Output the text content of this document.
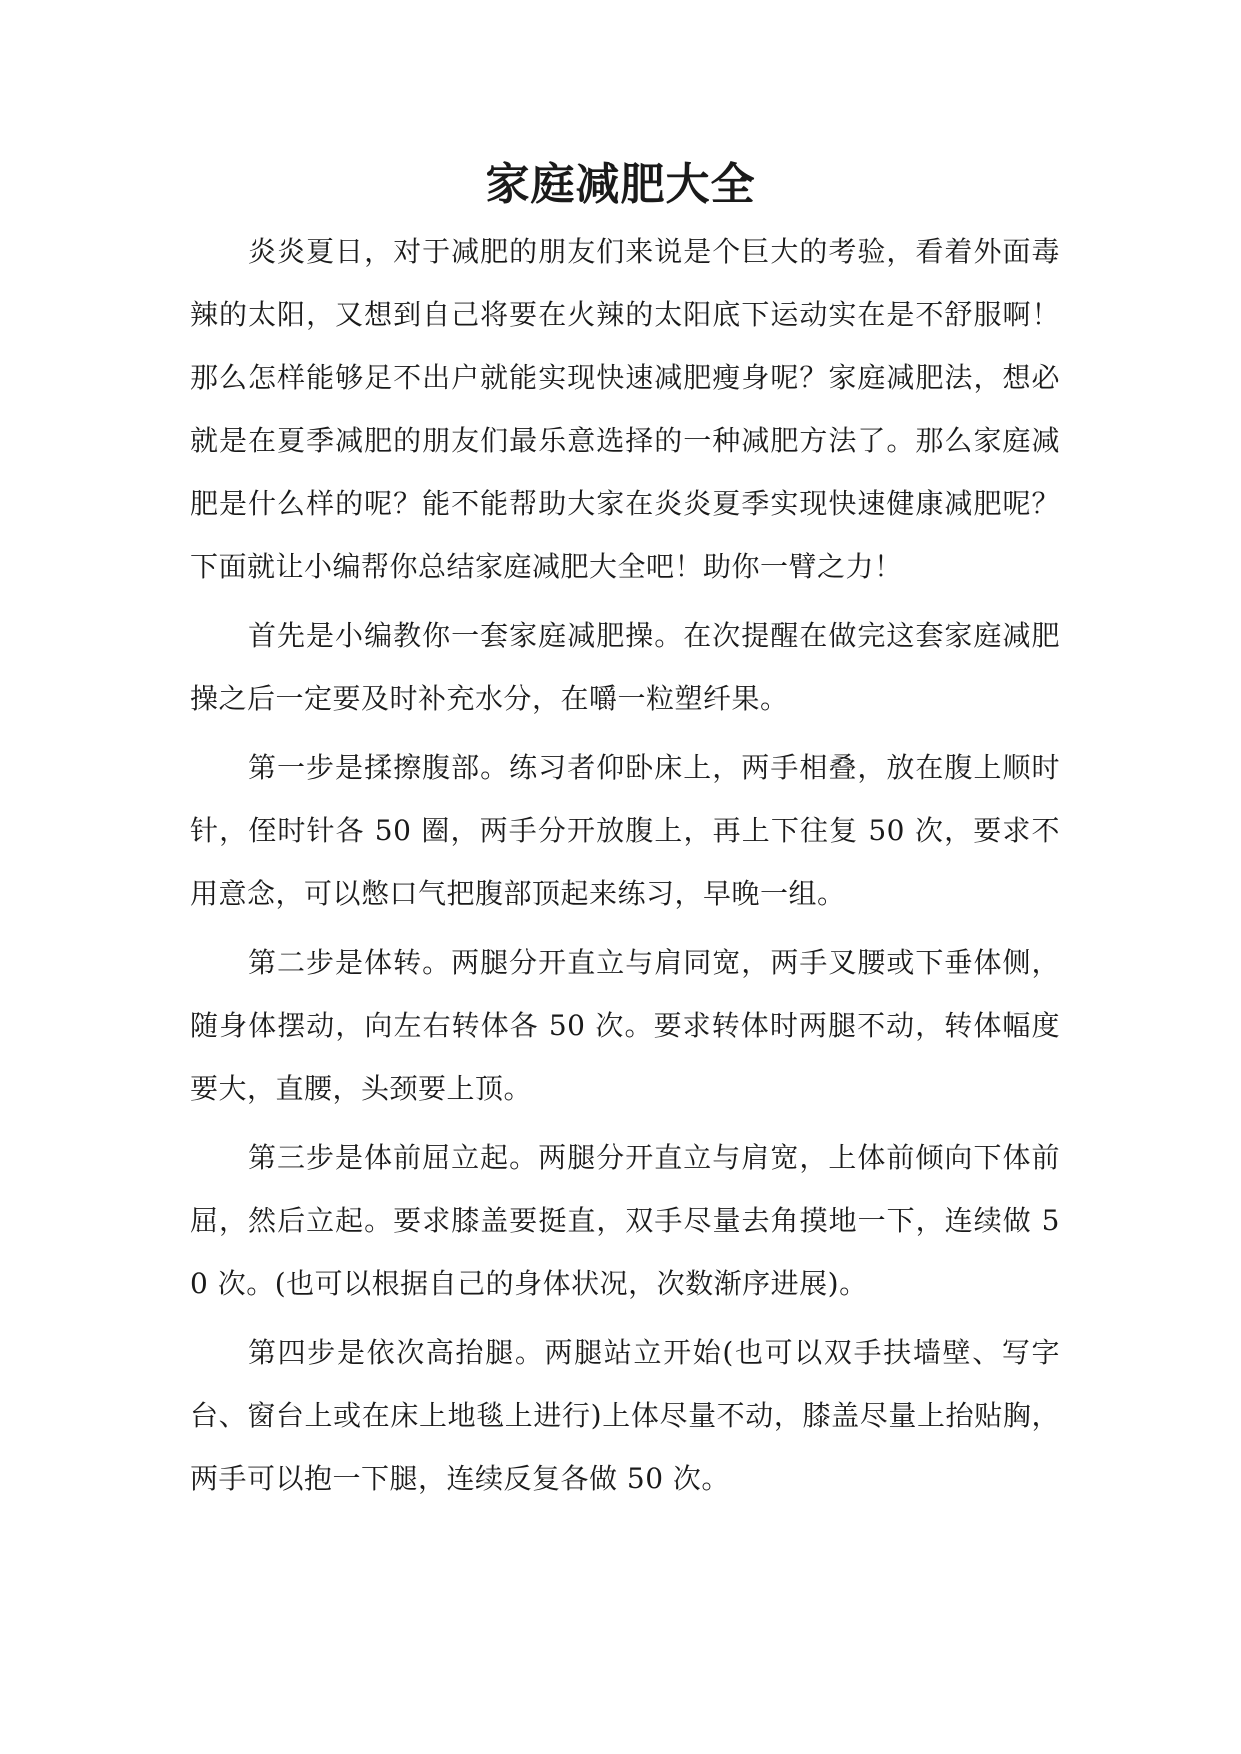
家庭减肥大全

炎炎夏日，对于减肥的朋友们来说是个巨大的考验，看着外面毒辣的太阳，又想到自己将要在火辣的太阳底下运动实在是不舒服啊！那么怎样能够足不出户就能实现快速减肥瘦身呢？家庭减肥法，想必就是在夏季减肥的朋友们最乐意选择的一种减肥方法了。那么家庭减肥是什么样的呢？能不能帮助大家在炎炎夏季实现快速健康减肥呢？下面就让小编帮你总结家庭减肥大全吧！助你一臂之力！

首先是小编教你一套家庭减肥操。在次提醒在做完这套家庭减肥操之后一定要及时补充水分，在嚼一粒塑纤果。

第一步是揉擦腹部。练习者仰卧床上，两手相叠，放在腹上顺时针，侄时针各 50 圈，两手分开放腹上，再上下往复 50 次，要求不用意念，可以憋口气把腹部顶起来练习，早晚一组。

第二步是体转。两腿分开直立与肩同宽，两手叉腰或下垂体侧，随身体摆动，向左右转体各 50 次。要求转体时两腿不动，转体幅度要大，直腰，头颈要上顶。

第三步是体前屈立起。两腿分开直立与肩宽，上体前倾向下体前屈，然后立起。要求膝盖要挺直，双手尽量去角摸地一下，连续做 50 次。(也可以根据自己的身体状况，次数渐序进展)。

第四步是依次高抬腿。两腿站立开始(也可以双手扶墙壁、写字台、窗台上或在床上地毯上进行)上体尽量不动，膝盖尽量上抬贴胸，两手可以抱一下腿，连续反复各做 50 次。
